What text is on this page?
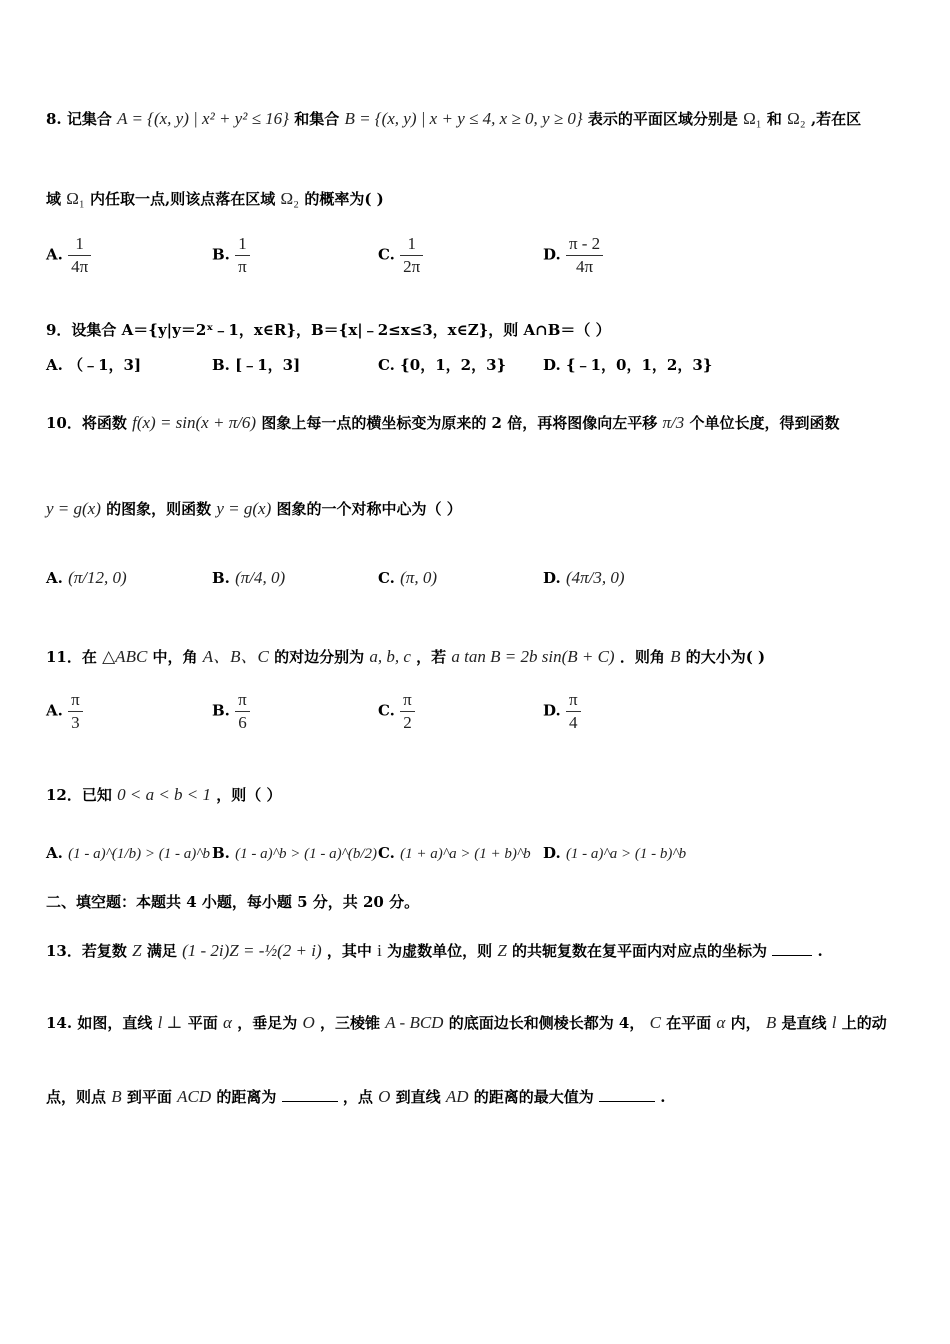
8. 记集合 A = {(x, y) | x² + y² ≤ 16} 和集合 B = {(x, y) | x + y ≤ 4, x ≥ 0, y ≥ 0} 表示的平面区域分别是 Ω₁ 和 Ω₂ ,若在区
域 Ω₁ 内任取一点,则该点落在区域 Ω₂ 的概率为( )
A. $\frac{1}{4\pi}$	B. $\frac{1}{\pi}$	C. $\frac{1}{2\pi}$	D. $\frac{\pi - 2}{4\pi}$
9．设集合 A＝{y|y＝2ˣ﹣1，x∈R}，B＝{x|﹣2≤x≤3，x∈Z}，则 A∩B＝（ ）
A. （﹣1，3]	B. [﹣1，3]	C. {0，1，2，3} D. {﹣1，0，1，2，3}
10．将函数 f(x) = sin(x + π/6) 图象上每一点的横坐标变为原来的 2 倍，再将图像向左平移 π/3 个单位长度，得到函数
y = g(x) 的图象，则函数 y = g(x) 图象的一个对称中心为（ ）
A. (π/12, 0)	B. (π/4, 0)	C. (π, 0)	D. (4π/3, 0)
11．在 △ABC 中，角 A、B、C 的对边分别为 a, b, c ，若 a tan B = 2b sin(B + C) ．则角 B 的大小为( )
A. $\frac{\pi}{3}$	B. $\frac{\pi}{6}$	C. $\frac{\pi}{2}$	D. $\frac{\pi}{4}$
12．已知 0 < a < b < 1 ，则（ ）
A. (1 - a)^(1/b) > (1 - a)^b B. (1 - a)^b > (1 - a)^(b/2) C. (1 + a)^a > (1 + b)^b D. (1 - a)^a > (1 - b)^b
二、填空题：本题共 4 小题，每小题 5 分，共 20 分。
13．若复数 Z 满足 (1 - 2i)Z = -½(2 + i) ，其中 i 为虚数单位，则 Z 的共轭复数在复平面内对应点的坐标为	.
14. 如图，直线 l ⊥ 平面 α ，垂足为 O ，三棱锥 A - BCD 的底面边长和侧棱长都为 4， C 在平面 α 内， B 是直线 l 上的动
点，则点 B 到平面 ACD 的距离为	，点 O 到直线 AD 的距离的最大值为	.
